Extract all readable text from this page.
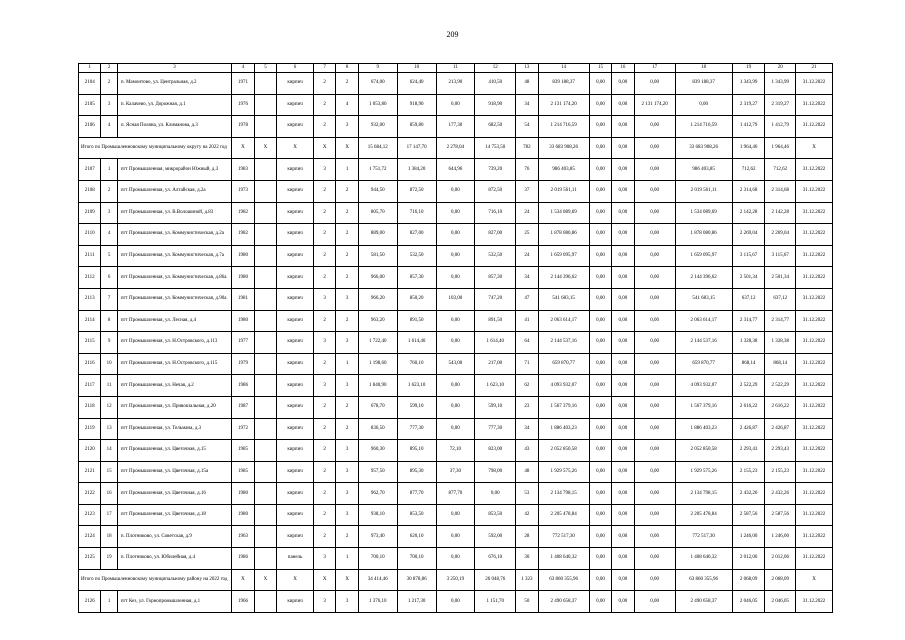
209
1	2	3	4	5	6	7	8	9	10	11	12	13	14	15	16	17	18	19	20	21
2104	2	п. Мамонтово, ул. Центральная, д.2	1971		кирпич	2	2	674,00	624,40	213,90	410,50	48	839 188,37	0,00	0,00	0,00	839 188,37	1 343,99	1 343,99	31.12.2022
2105	3	п. Калачево, ул. Дорожная, д.1	1976		кирпич	2	4	1 053,80	918,90	0,00	918,90	34	2 131 174,20	0,00	0,00	2 131 174,20	0,00	2 319,27	2 319,27	31.12.2022
2106	4	п. Ясная Поляна, ул. Климанова, д.3	1978		кирпич	2	3	932,00	859,80	177,30	682,50	54	1 214 716,59	0,00	0,00	0,00	1 214 716,59	1 412,79	1 412,79	31.12.2022
Итого по Промышленновскому муниципальному округу на 2022 год			X	X	X	X	X	15 684,12	17 147,70	2 278,04	14 753,50	782	33 683 908,26	0,00	0,00	0,00	33 683 908,26	1 964,46	1 964,46	X
2107	1	пгт Промышленная, микрорайон Южный, д.3	1983		кирпич	3	1	1 751,72	1 384,20	644,96	739,20	76	986 403,85	0,00	0,00	0,00	986 403,85	712,62	712,62	31.12.2022
2108	2	пгт Промышленная, ул. Алтайская, д.2а	1973		кирпич	2	2	944,50	872,50	0,00	872,50	37	2 019 561,11	0,00	0,00	0,00	2 019 561,11	2 314,68	2 314,68	31.12.2022
2109	3	пгт Промышленная, ул. В.Волошиной, д.83	1982		кирпич	2	2	805,70	716,10	0,00	716,10	24	1 534 089,69	0,00	0,00	0,00	1 534 089,69	2 142,28	2 142,28	31.12.2022
2110	4	пгт Промышленная, ул. Коммунистическая, д.2а	1982		кирпич	2	2	889,00	827,00	0,00	827,00	25	1 878 080,86	0,00	0,00	0,00	1 878 080,86	2 269,04	2 269,04	31.12.2022
2111	5	пгт Промышленная, ул. Коммунистическая, д.7а	1980		кирпич	2	2	581,50	532,50	0,00	532,50	24	1 659 095,97	0,00	0,00	0,00	1 659 095,97	3 115,67	3 115,67	31.12.2022
2112	6	пгт Промышленная, ул. Коммунистическая, д.86а	1980		кирпич	2	2	966,00	857,30	0,00	857,30	34	2 144 396,62	0,00	0,00	0,00	2 144 396,62	2 501,34	2 501,34	31.12.2022
2113	7	пгт Промышленная, ул. Коммунистическая, д.90а	1981		кирпич	3	3	966,20	850,20	103,00	747,20	47	541 683,15	0,00	0,00	0,00	541 683,15	637,12	637,12	31.12.2022
2114	8	пгт Промышленная, ул. Лесная, д.4	1980		кирпич	2	2	963,20	891,50	0,00	891,50	41	2 063 614,17	0,00	0,00	0,00	2 063 614,17	2 314,77	2 314,77	31.12.2022
2115	9	пгт Промышленная, ул. Н.Островского, д.113	1977		кирпич	3	3	1 722,40	1 614,40	0,00	1 614,40	64	2 144 537,16	0,00	0,00	0,00	2 144 537,16	1 328,38	1 328,38	31.12.2022
2116	10	пгт Промышленная, ул. Н.Островского, д.115	1979		кирпич	2	1	1 198,60	760,10	543,00	217,00	71	659 870,77	0,00	0,00	0,00	659 870,77	868,14	868,14	31.12.2022
2117	11	пгт Промышленная, ул. Нечая, д.2	1986		кирпич	3	3	1 840,90	1 623,10	0,00	1 623,10	62	4 093 932,07	0,00	0,00	0,00	4 093 932,07	2 522,29	2 522,29	31.12.2022
2118	12	пгт Промышленная, ул. Привокзальная, д.20	1987		кирпич	2	2	678,70	599,10	0,00	599,10	23	1 567 379,16	0,00	0,00	0,00	1 567 379,16	2 616,22	2 616,22	31.12.2022
2119	13	пгт Промышленная, ул. Тельмана, д.3	1972		кирпич	2	2	836,50	777,30	0,00	777,30	34	1 886 403,23	0,00	0,00	0,00	1 886 403,23	2 426,87	2 426,87	31.12.2022
2120	14	пгт Промышленная, ул. Цветочная, д.15	1985		кирпич	2	3	960,30	895,10	72,10	823,00	43	2 052 850,58	0,00	0,00	0,00	2 052 850,58	2 293,43	2 293,43	31.12.2022
2121	15	пгт Промышленная, ул. Цветочная, д.15а	1985		кирпич	2	3	957,50	895,30	37,30	798,00	48	1 929 575,26	0,00	0,00	0,00	1 929 575,26	2 155,23	2 155,23	31.12.2022
2122	16	пгт Промышленная, ул. Цветочная, д.16	1980		кирпич	2	3	962,70	877,70	877,70	0,00	53	2 134 798,15	0,00	0,00	0,00	2 134 798,15	2 432,26	2 432,26	31.12.2022
2123	17	пгт Промышленная, ул. Цветочная, д.18	1980		кирпич	2	3	938,10	853,50	0,00	853,50	42	2 205 478,84	0,00	0,00	0,00	2 205 478,84	2 587,56	2 587,56	31.12.2022
2124	18	п. Плотниково, ул. Советская, д.9	1963		кирпич	2	2	973,40	620,10	0,00	592,00	28	772 517,30	0,00	0,00	0,00	772 517,30	1 246,00	1 246,00	31.12.2022
2125	19	п. Плотниково, ул. Юбилейная, д.4	1986		панель	3	1	700,10	700,10	0,00	676,10	30	1 408 640,32	0,00	0,00	0,00	1 408 640,32	2 012,06	2 012,06	31.12.2022
Итого по Промышленновскому муниципальному району на 2022 год			X	X	X	X	X	34 414,46	30 878,86	3 250,19	26 048,76	1 323	63 860 355,96	0,00	0,00	0,00	63 860 355,96	2 068,09	2 068,09	X
2126	1	пгт Кез, ул. Горнопромышленная, д.1	1966		кирпич	3	3	1 376,10	1 217,30	0,00	1 151,70	50	2 490 658,37	0,00	0,00	0,00	2 490 658,37	2 046,05	2 046,05	31.12.2022
